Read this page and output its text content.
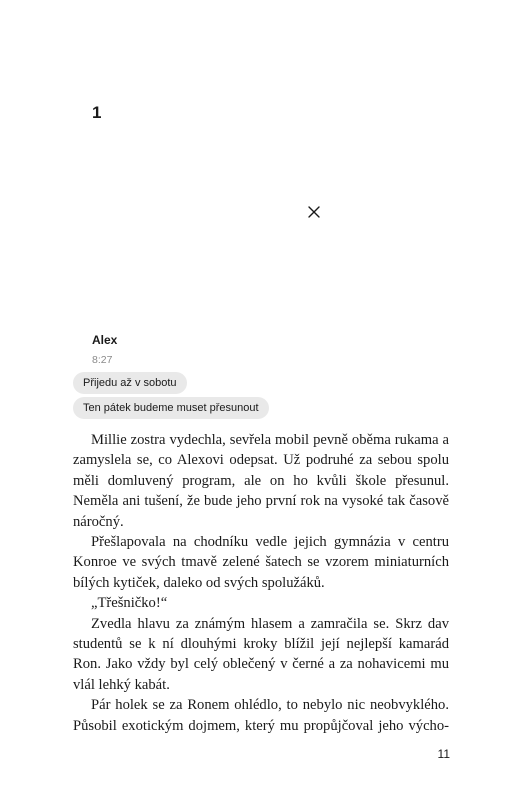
1
Alex
8:27
Přijedu až v sobotu
Ten pátek budeme muset přesunout

Millie zostra vydechla, sevřela mobil pevně oběma rukama a zamyslela se, co Alexovi odepsat. Už podruhé za sebou spolu měli domluvený program, ale on ho kvůli škole přesunul. Neměla ani tušení, že bude jeho první rok na vysoké tak časově náročný.

Přešlapovala na chodníku vedle jejich gymnázia v centru Konroe ve svých tmavě zelené šatech se vzorem miniaturních bílých kytiček, daleko od svých spolužáků.

„Třešničko!“

Zvedla hlavu za známým hlasem a zamračila se. Skrz dav studentů se k ní dlouhými kroky blížil její nejlepší kamarád Ron. Jako vždy byl celý oblečený v černé a za nohavicemi mu vlál lehký kabát.

Pár holek se za Ronem ohlédlo, to nebylo nic neobvyklého. Působil exotickým dojmem, který mu propůjčoval jeho výcho-

11
